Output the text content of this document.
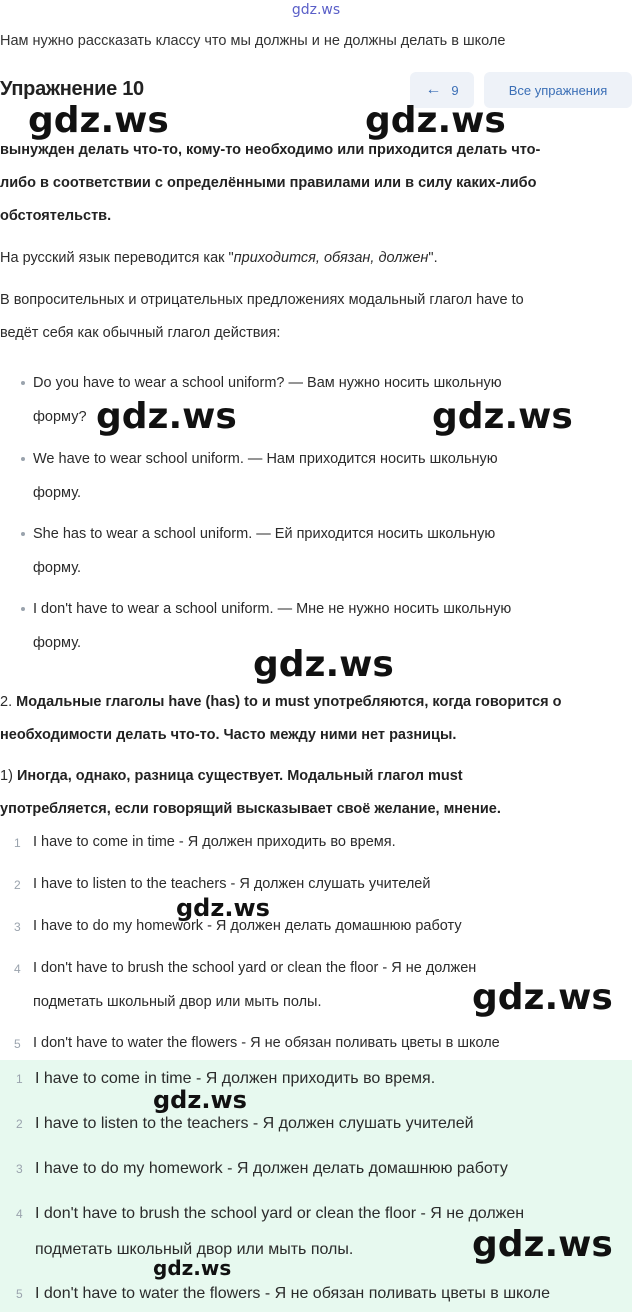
gdz.ws
Нам нужно рассказать классу что мы должны и не должны делать в школе
Упражнение 10	← 9	Все упражнения
вынужден делать что-то, кому-то необходимо или приходится делать что-
либо в соответствии с определёнными правилами или в силу каких-либо
обстоятельств.
На русский язык переводится как "приходится, обязан, должен".
В вопросительных и отрицательных предложениях модальный глагол have to
ведёт себя как обычный глагол действия:
Do you have to wear a school uniform? — Вам нужно носить школьную
форму?
We have to wear school uniform. — Нам приходится носить школьную
форму.
She has to wear a school uniform. — Ей приходится носить школьную
форму.
I don't have to wear a school uniform. — Мне не нужно носить школьную
форму.
2. Модальные глаголы have (has) to и must употребляются, когда говорится о
необходимости делать что-то. Часто между ними нет разницы.
1) Иногда, однако, разница существует. Модальный глагол must
употребляется, если говорящий высказывает своё желание, мнение.
1 I have to come in time - Я должен приходить во время.
2 I have to listen to the teachers - Я должен слушать учителей
3 I have to do my homework - Я должен делать домашнюю работу
4 I don't have to brush the school yard or clean the floor - Я не должен
подметать школьный двор или мыть полы.
5 I don't have to water the flowers - Я не обязан поливать цветы в школе
1 I have to come in time - Я должен приходить во время.
2 I have to listen to the teachers - Я должен слушать учителей
3 I have to do my homework - Я должен делать домашнюю работу
4 I don't have to brush the school yard or clean the floor - Я не должен
подметать школьный двор или мыть полы.
5 I don't have to water the flowers - Я не обязан поливать цветы в школе
gdz.ws	gdz.ws
gdz.ws	gdz.ws
gdz.ws
gdz.ws
gdz.ws
gdz.ws
gdz.ws
gdz.ws
